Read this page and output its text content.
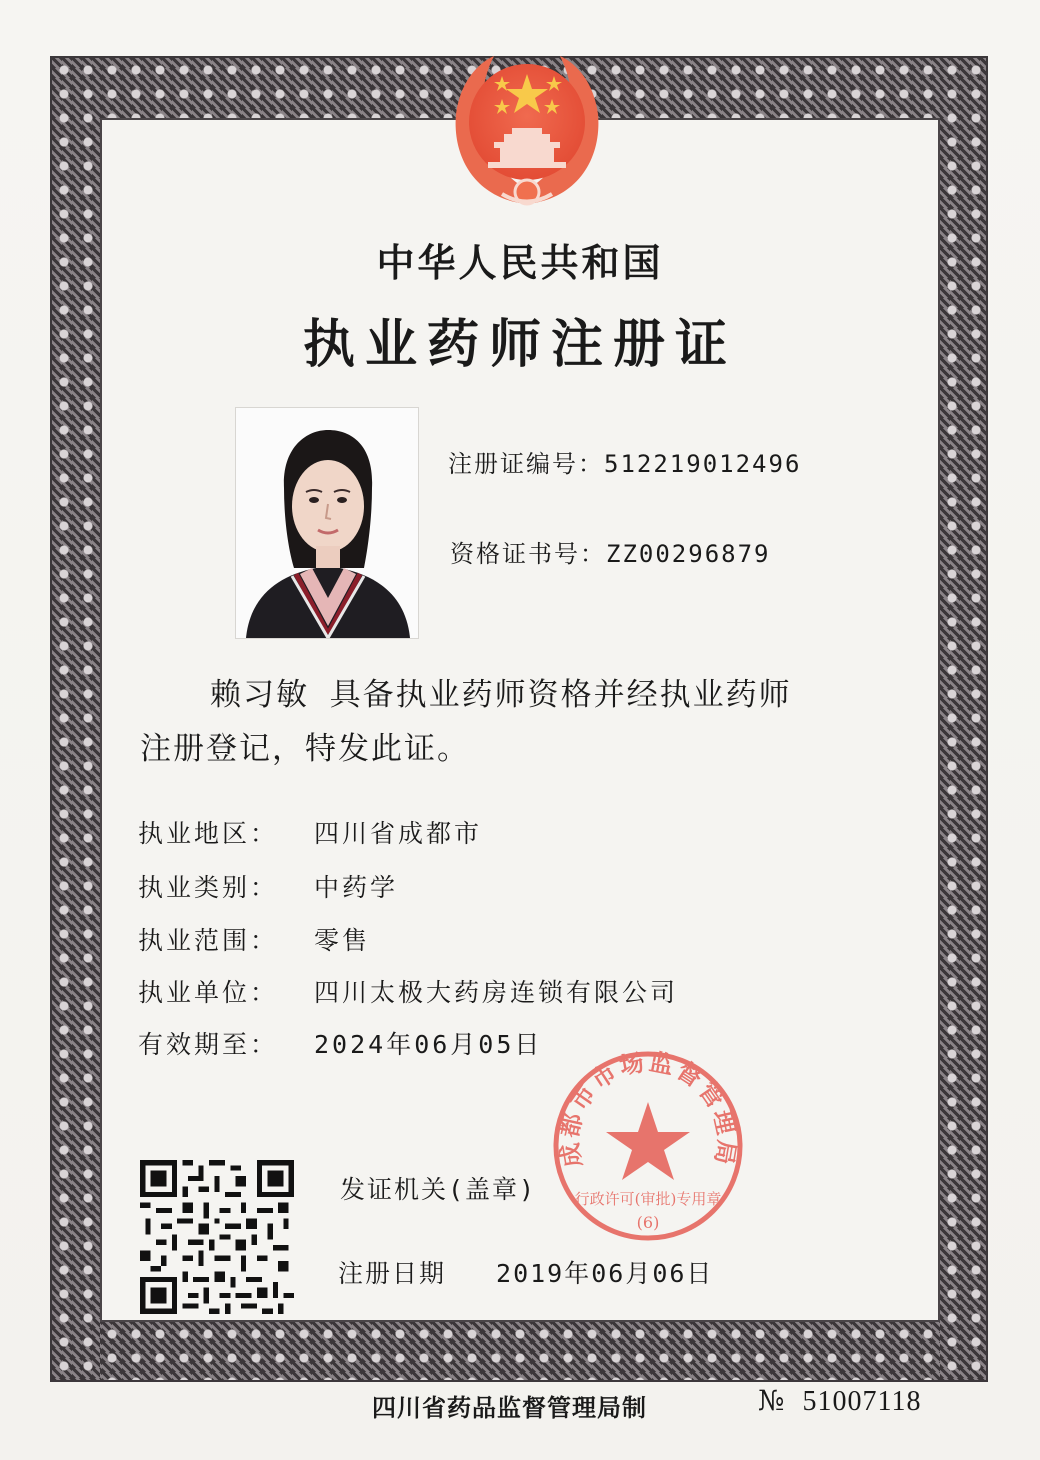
中华人民共和国
执业药师注册证
注册证编号：512219012496
资格证书号：ZZ00296879
赖习敏 具备执业药师资格并经执业药师
注册登记，特发此证。
执业地区： 四川省成都市
执业类别： 中药学
执业范围： 零售
执业单位： 四川太极大药房连锁有限公司
有效期至： 2024年06月05日
发证机关(盖章)
注册日期 2019年06月06日
成都市市场监督管理局
行政许可(审批)专用章
(6)
四川省药品监督管理局制	№ 51007118
